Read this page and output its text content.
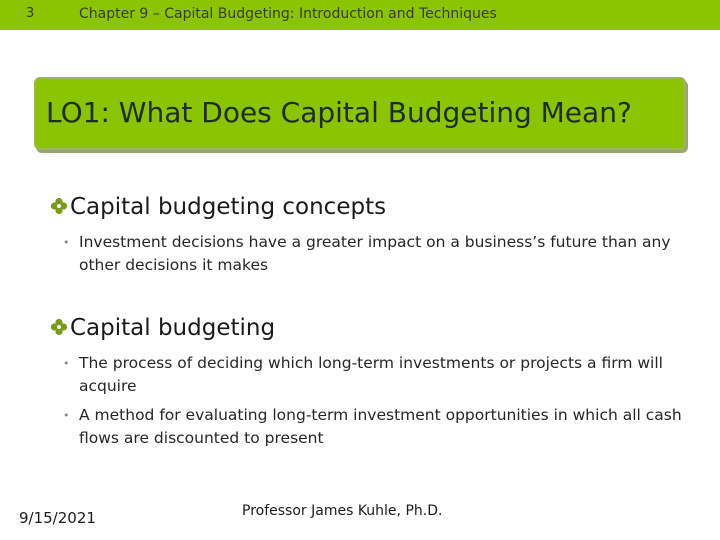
3	Chapter 9 – Capital Budgeting: Introduction and Techniques
LO1: What Does Capital Budgeting Mean?
Capital budgeting concepts
• Investment decisions have a greater impact on a business’s future than any other decisions it makes
Capital budgeting
• The process of deciding which long-term investments or projects a firm will acquire
• A method for evaluating long-term investment opportunities in which all cash flows are discounted to present
9/15/2021	Professor James Kuhle, Ph.D.
